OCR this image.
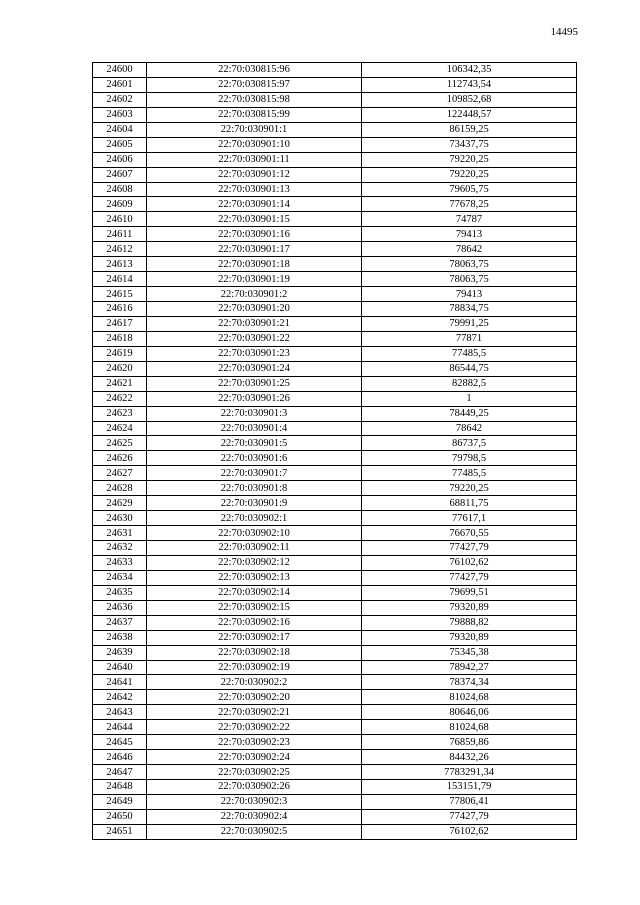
14495
24600	22:70:030815:96	106342,35
24601	22:70:030815:97	112743,54
24602	22:70:030815:98	109852,68
24603	22:70:030815:99	122448,57
24604	22:70:030901:1	86159,25
24605	22:70:030901:10	73437,75
24606	22:70:030901:11	79220,25
24607	22:70:030901:12	79220,25
24608	22:70:030901:13	79605,75
24609	22:70:030901:14	77678,25
24610	22:70:030901:15	74787
24611	22:70:030901:16	79413
24612	22:70:030901:17	78642
24613	22:70:030901:18	78063,75
24614	22:70:030901:19	78063,75
24615	22:70:030901:2	79413
24616	22:70:030901:20	78834,75
24617	22:70:030901:21	79991,25
24618	22:70:030901:22	77871
24619	22:70:030901:23	77485,5
24620	22:70:030901:24	86544,75
24621	22:70:030901:25	82882,5
24622	22:70:030901:26	1
24623	22:70:030901:3	78449,25
24624	22:70:030901:4	78642
24625	22:70:030901:5	86737,5
24626	22:70:030901:6	79798,5
24627	22:70:030901:7	77485,5
24628	22:70:030901:8	79220,25
24629	22:70:030901:9	68811,75
24630	22:70:030902:1	77617,1
24631	22:70:030902:10	76670,55
24632	22:70:030902:11	77427,79
24633	22:70:030902:12	76102,62
24634	22:70:030902:13	77427,79
24635	22:70:030902:14	79699,51
24636	22:70:030902:15	79320,89
24637	22:70:030902:16	79888,82
24638	22:70:030902:17	79320,89
24639	22:70:030902:18	75345,38
24640	22:70:030902:19	78942,27
24641	22:70:030902:2	78374,34
24642	22:70:030902:20	81024,68
24643	22:70:030902:21	80646,06
24644	22:70:030902:22	81024,68
24645	22:70:030902:23	76859,86
24646	22:70:030902:24	84432,26
24647	22:70:030902:25	7783291,34
24648	22:70:030902:26	153151,79
24649	22:70:030902:3	77806,41
24650	22:70:030902:4	77427,79
24651	22:70:030902:5	76102,62
